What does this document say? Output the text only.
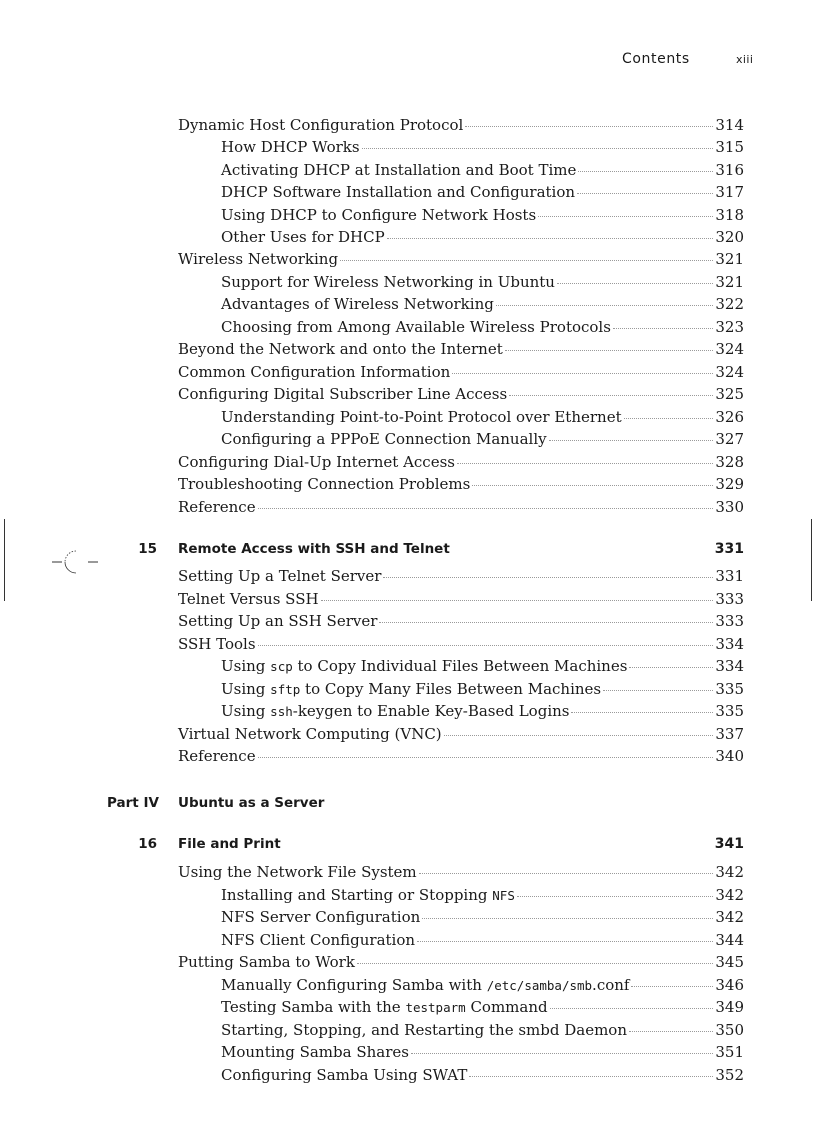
Contents	xiii
Dynamic Host Configuration Protocol	314
How DHCP Works	315
Activating DHCP at Installation and Boot Time	316
DHCP Software Installation and Configuration	317
Using DHCP to Configure Network Hosts	318
Other Uses for DHCP	320
Wireless Networking	321
Support for Wireless Networking in Ubuntu	321
Advantages of Wireless Networking	322
Choosing from Among Available Wireless Protocols	323
Beyond the Network and onto the Internet	324
Common Configuration Information	324
Configuring Digital Subscriber Line Access	325
Understanding Point-to-Point Protocol over Ethernet	326
Configuring a PPPoE Connection Manually	327
Configuring Dial-Up Internet Access	328
Troubleshooting Connection Problems	329
Reference	330
15 Remote Access with SSH and Telnet	331
Setting Up a Telnet Server	331
Telnet Versus SSH	333
Setting Up an SSH Server	333
SSH Tools	334
Using scp to Copy Individual Files Between Machines	334
Using sftp to Copy Many Files Between Machines	335
Using ssh-keygen to Enable Key-Based Logins	335
Virtual Network Computing (VNC)	337
Reference	340
Part IV Ubuntu as a Server
16 File and Print	341
Using the Network File System	342
Installing and Starting or Stopping NFS	342
NFS Server Configuration	342
NFS Client Configuration	344
Putting Samba to Work	345
Manually Configuring Samba with /etc/samba/smb.conf	346
Testing Samba with the testparm Command	349
Starting, Stopping, and Restarting the smbd Daemon	350
Mounting Samba Shares	351
Configuring Samba Using SWAT	352
